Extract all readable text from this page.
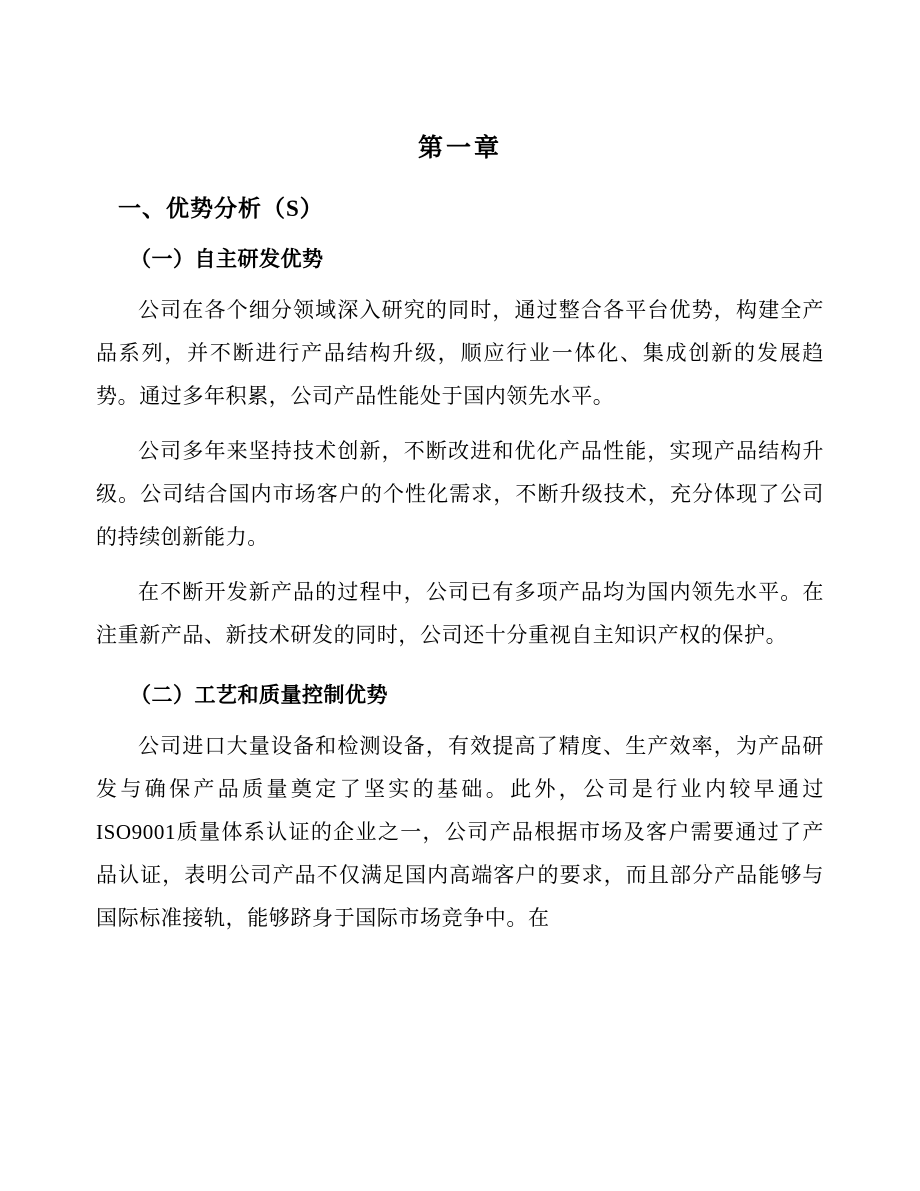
第一章
一、优势分析（S）
（一）自主研发优势

公司在各个细分领域深入研究的同时，通过整合各平台优势，构建全产品系列，并不断进行产品结构升级，顺应行业一体化、集成创新的发展趋势。通过多年积累，公司产品性能处于国内领先水平。

公司多年来坚持技术创新，不断改进和优化产品性能，实现产品结构升级。公司结合国内市场客户的个性化需求，不断升级技术，充分体现了公司的持续创新能力。

在不断开发新产品的过程中，公司已有多项产品均为国内领先水平。在注重新产品、新技术研发的同时，公司还十分重视自主知识产权的保护。

（二）工艺和质量控制优势

公司进口大量设备和检测设备，有效提高了精度、生产效率，为产品研发与确保产品质量奠定了坚实的基础。此外，公司是行业内较早通过ISO9001质量体系认证的企业之一，公司产品根据市场及客户需要通过了产品认证，表明公司产品不仅满足国内高端客户的要求，而且部分产品能够与国际标准接轨，能够跻身于国际市场竞争中。在
